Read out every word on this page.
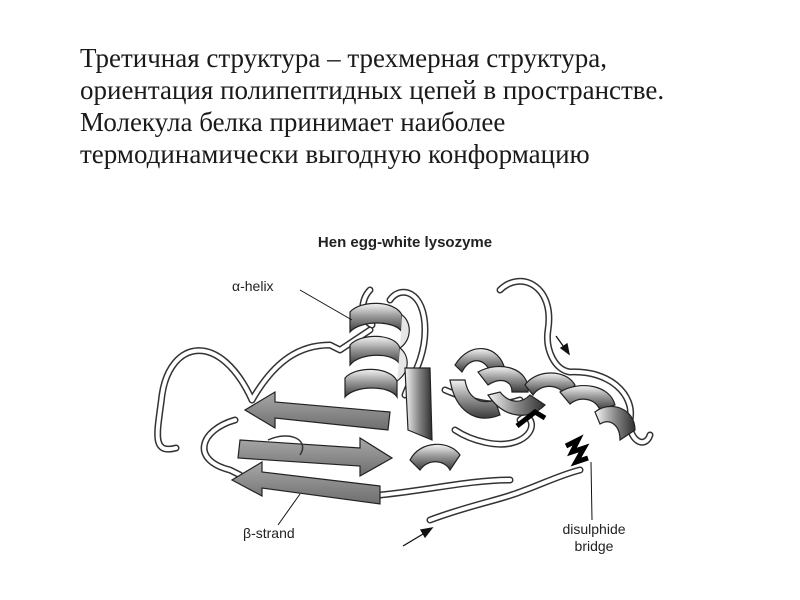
Третичная структура – трехмерная структура,
ориентация полипептидных цепей в пространстве.
Молекула белка принимает наиболее
термодинамически выгодную конформацию
Hen egg-white lysozyme
α-helix
β-strand	disulphide
bridge
